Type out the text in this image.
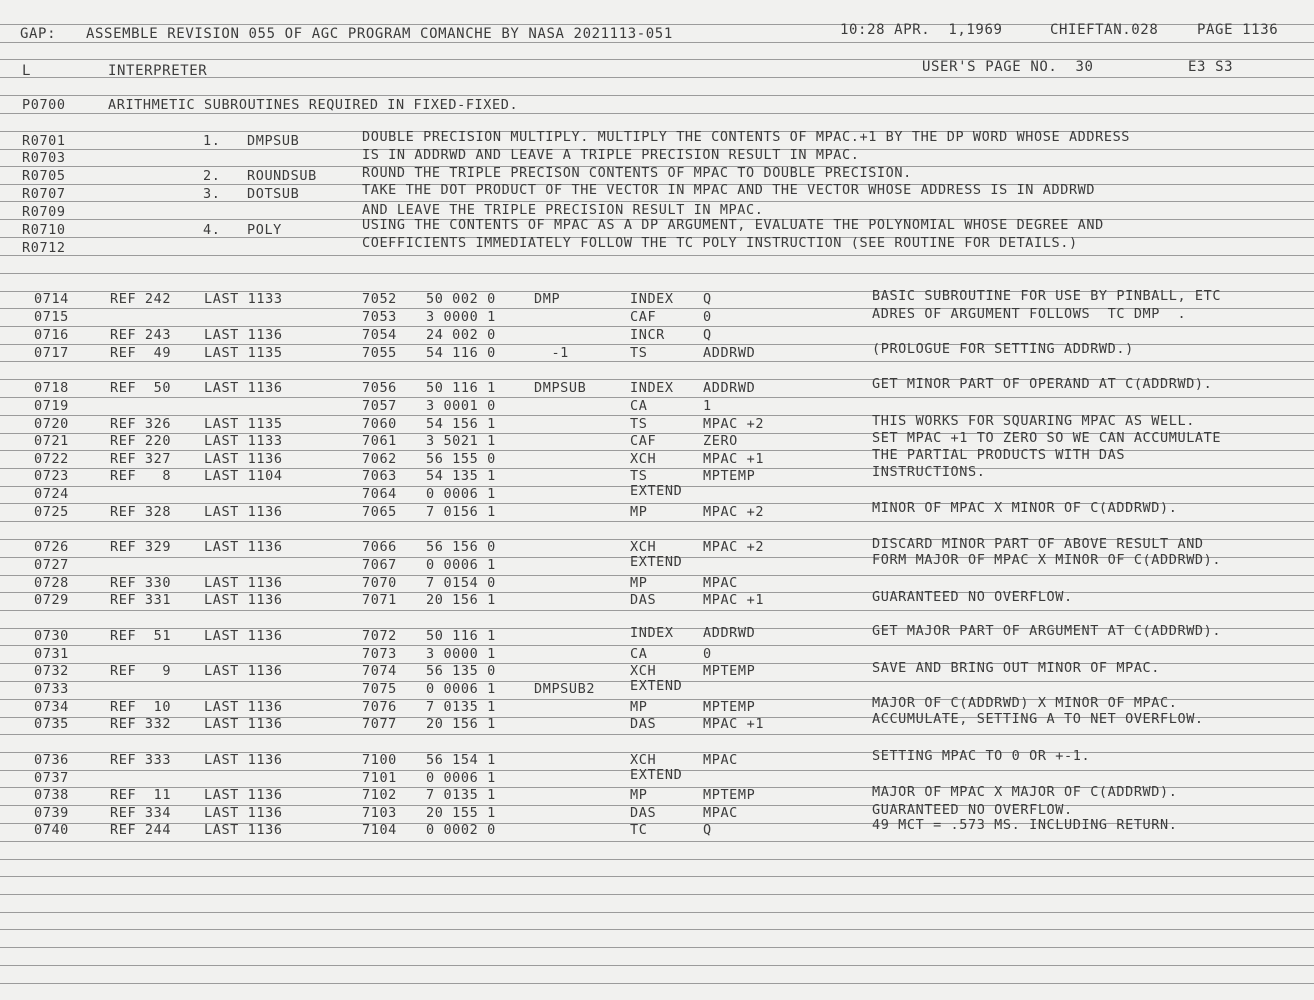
GAP: ASSEMBLE REVISION 055 OF AGC PROGRAM COMANCHE BY NASA 2021113-051	10:28 APR.  1,1969	CHIEFTAN.028	PAGE 1136
L	INTERPRETER	USER'S PAGE NO.  30	E3 S3
P0700	ARITHMETIC SUBROUTINES REQUIRED IN FIXED-FIXED.
R0701	1. DMPSUB	DOUBLE PRECISION MULTIPLY. MULTIPLY THE CONTENTS OF MPAC.+1 BY THE DP WORD WHOSE ADDRESS
R0703	IS IN ADDRWD AND LEAVE A TRIPLE PRECISION RESULT IN MPAC.
R0705	2. ROUNDSUB	ROUND THE TRIPLE PRECISON CONTENTS OF MPAC TO DOUBLE PRECISION.
R0707	3. DOTSUB	TAKE THE DOT PRODUCT OF THE VECTOR IN MPAC AND THE VECTOR WHOSE ADDRESS IS IN ADDRWD
R0709	AND LEAVE THE TRIPLE PRECISION RESULT IN MPAC.
R0710	4. POLY	USING THE CONTENTS OF MPAC AS A DP ARGUMENT, EVALUATE THE POLYNOMIAL WHOSE DEGREE AND
R0712	COEFFICIENTS IMMEDIATELY FOLLOW THE TC POLY INSTRUCTION (SEE ROUTINE FOR DETAILS.)
0714	REF 242 LAST 1133	7052 50 002 0	DMP	INDEX Q	BASIC SUBROUTINE FOR USE BY PINBALL, ETC
0715	7053 3 0000 1	CAF	0	ADRES OF ARGUMENT FOLLOWS  TC DMP  .
0716	REF 243 LAST 1136	7054 24 002 0	INCR	Q
0717	REF  49 LAST 1135	7055 54 116 0	-1	TS	ADDRWD	(PROLOGUE FOR SETTING ADDRWD.)
0718	REF  50 LAST 1136	7056 50 116 1	DMPSUB	INDEX ADDRWD	GET MINOR PART OF OPERAND AT C(ADDRWD).
0719	7057 3 0001 0	CA	1
0720	REF 326 LAST 1135	7060 54 156 1	TS	MPAC +2	THIS WORKS FOR SQUARING MPAC AS WELL.
0721	REF 220 LAST 1133	7061 3 5021 1	CAF	ZERO	SET MPAC +1 TO ZERO SO WE CAN ACCUMULATE
0722	REF 327 LAST 1136	7062 56 155 0	XCH	MPAC +1	THE PARTIAL PRODUCTS WITH DAS
0723	REF   8 LAST 1104	7063 54 135 1	TS	MPTEMP	INSTRUCTIONS.
0724	7064 0 0006 1	EXTEND
0725	REF 328 LAST 1136	7065 7 0156 1	MP	MPAC +2	MINOR OF MPAC X MINOR OF C(ADDRWD).
0726	REF 329 LAST 1136	7066 56 156 0	XCH	MPAC +2	DISCARD MINOR PART OF ABOVE RESULT AND
0727	7067 0 0006 1	EXTEND	FORM MAJOR OF MPAC X MINOR OF C(ADDRWD).
0728	REF 330 LAST 1136	7070 7 0154 0	MP	MPAC
0729	REF 331 LAST 1136	7071 20 156 1	DAS	MPAC +1	GUARANTEED NO OVERFLOW.
0730	REF  51 LAST 1136	7072 50 116 1	INDEX ADDRWD	GET MAJOR PART OF ARGUMENT AT C(ADDRWD).
0731	7073 3 0000 1	CA	0
0732	REF   9 LAST 1136	7074 56 135 0	XCH	MPTEMP	SAVE AND BRING OUT MINOR OF MPAC.
0733	7075 0 0006 1	DMPSUB2	EXTEND
0734	REF  10 LAST 1136	7076 7 0135 1	MP	MPTEMP	MAJOR OF C(ADDRWD) X MINOR OF MPAC.
0735	REF 332 LAST 1136	7077 20 156 1	DAS	MPAC +1	ACCUMULATE, SETTING A TO NET OVERFLOW.
0736	REF 333 LAST 1136	7100 56 154 1	XCH	MPAC	SETTING MPAC TO 0 OR +-1.
0737	7101 0 0006 1	EXTEND
0738	REF  11 LAST 1136	7102 7 0135 1	MP	MPTEMP	MAJOR OF MPAC X MAJOR OF C(ADDRWD).
0739	REF 334 LAST 1136	7103 20 155 1	DAS	MPAC	GUARANTEED NO OVERFLOW.
0740	REF 244 LAST 1136	7104 0 0002 0	TC	Q	49 MCT = .573 MS. INCLUDING RETURN.
